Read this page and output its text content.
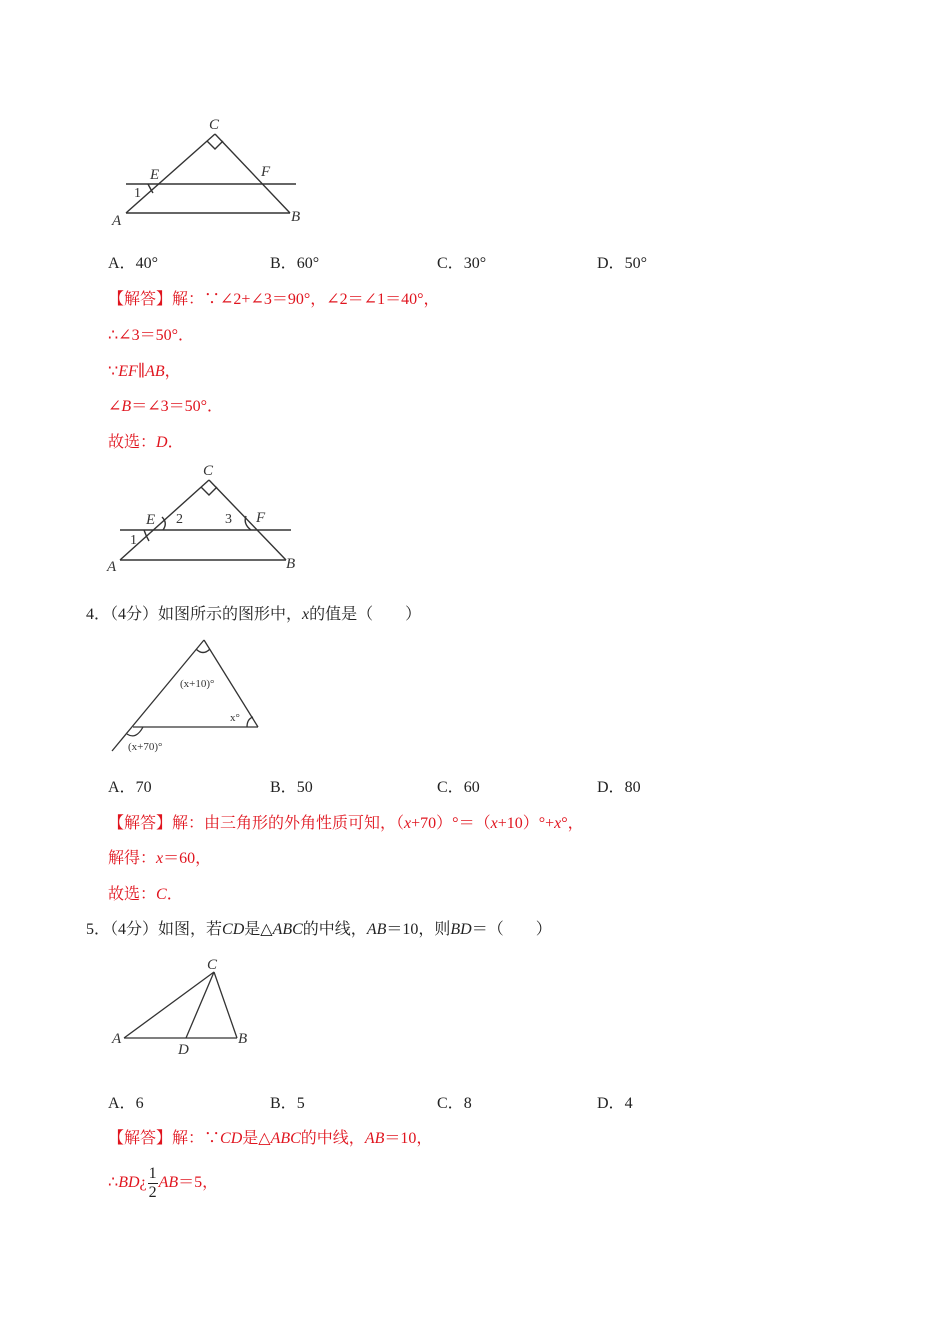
C
E	F
A	B
1
A．40°	B．60°	C．30°	D．50°
【解答】解：∵∠2+∠3＝90°，∠2＝∠1＝40°，
∴∠3＝50°．
∵EF∥AB，
∠B＝∠3＝50°．
故选：D．
C
E	F
A	B
1
2	3
4．（4分）如图所示的图形中，x的值是（　　）
(x+10)°
x°
(x+70)°
A．70	B．50	C．60	D．80
【解答】解：由三角形的外角性质可知，（x+70）°＝（x+10）°+x°，
解得：x＝60，
故选：C．
5．（4分）如图，若CD是△ABC的中线，AB＝10，则BD＝（　　）
C
A
D
B
A．6	B．5	C．8	D．4
【解答】解：∵CD是△ABC的中线，AB＝10，
∴BD¿ $\frac{1}{2} AB=5$，
